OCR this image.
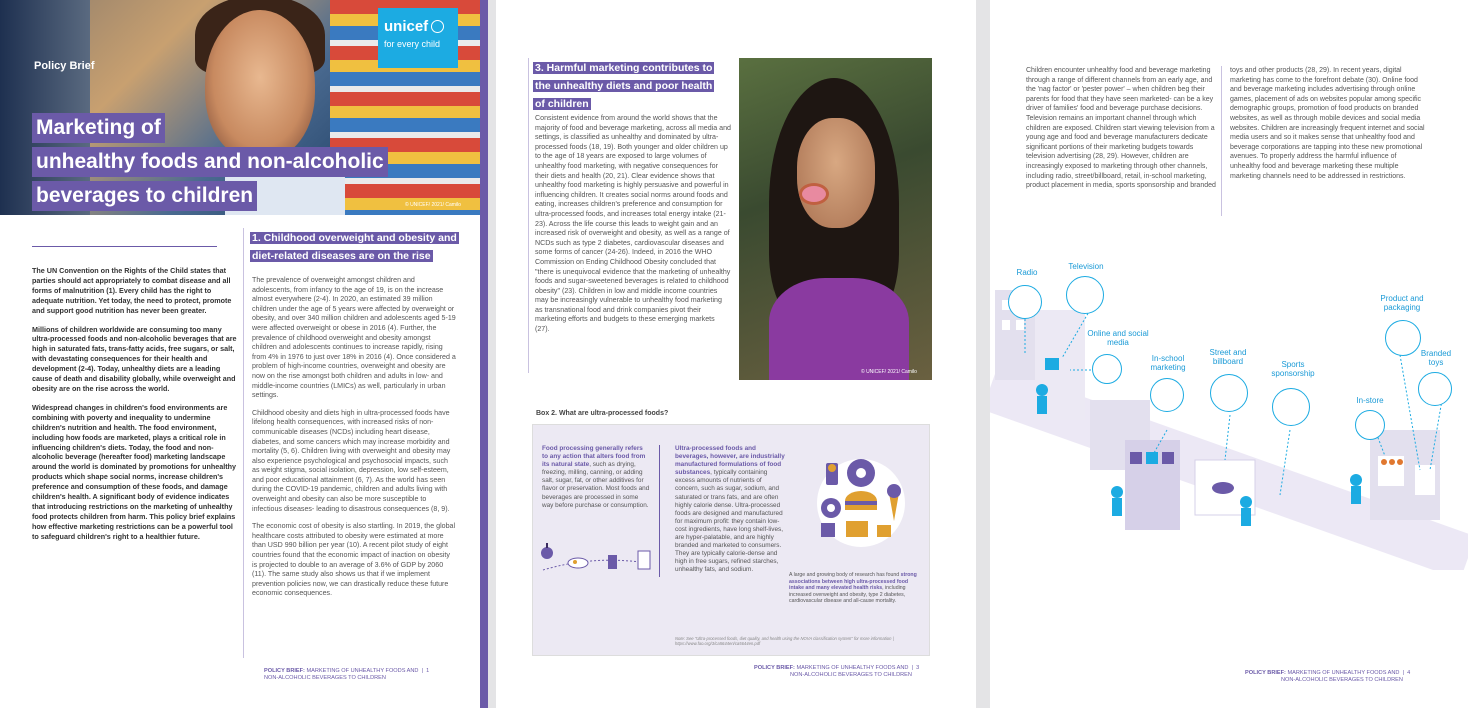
unicef
for every child
Policy Brief
Marketing of
unhealthy foods and non-alcoholic
beverages to children	© UNICEF/ 2021/ Camilo

The UN Convention on the Rights of the Child states that parties should act appropriately to combat disease and all forms of malnutrition (1). Every child has the right to adequate nutrition. Yet today, the need to protect, promote and support good nutrition has never been greater.

Millions of children worldwide are consuming too many ultra-processed foods and non-alcoholic beverages that are high in saturated fats, trans-fatty acids, free sugars, or salt, with devastating consequences for their health and development (2-4). Today, unhealthy diets are a leading cause of death and disability globally, while overweight and obesity are on the rise across the world.

Widespread changes in children's food environments are combining with poverty and inequality to undermine children's nutrition and health. The food environment, including how foods are marketed, plays a critical role in influencing children's diets. Today, the food and non-alcoholic beverage (hereafter food) marketing landscape around the world is dominated by promotions for unhealthy products which shape social norms, increase children's preference and consumption of these foods, and damage children's health. A significant body of evidence indicates that introducing restrictions on the marketing of unhealthy food protects children from harm. This policy brief explains how effective marketing restrictions can be a powerful tool to safeguard children's right to a healthier future.

1. Childhood overweight and obesity and diet-related diseases are on the rise

The prevalence of overweight amongst children and adolescents, from infancy to the age of 19, is on the increase almost everywhere (2-4). In 2020, an estimated 39 million children under the age of 5 years were affected by overweight or obesity, and over 340 million children and adolescents aged 5-19 were affected overweight or obese in 2016 (4). Further, the prevalence of childhood overweight and obesity amongst children and adolescents continues to increase rapidly, rising from 4% in 1976 to just over 18% in 2016 (4). Once considered a problem of high-income countries, overweight and obesity are now on the rise amongst both children and adults in low- and middle-income countries (LMICs) as well, particularly in urban settings.

Childhood obesity and diets high in ultra-processed foods have lifelong health consequences, with increased risks of non-communicable diseases (NCDs) including heart disease, diabetes, and some cancers which may increase morbidity and mortality (5, 6). Children living with overweight and obesity may also experience psychological and psychosocial impacts, such as weight stigma, social isolation, depression, low self-esteem, and poor educational attainment (6, 7). As the world has seen during the COVID-19 pandemic, children and adults living with overweight and obesity can also be more susceptible to infectious diseases- leading to disastrous consequences (8, 9).

The economic cost of obesity is also startling. In 2019, the global healthcare costs attributed to obesity were estimated at more than USD 990 billion per year (10). A recent pilot study of eight countries found that the economic impact of inaction on obesity is projected to double to an average of 3.6% of GDP by 2060 (11). The same study also shows us that if we implement prevention policies now, we can drastically reduce these future economic consequences.

POLICY BRIEF: MARKETING OF UNHEALTHY FOODS AND  |  1
NON-ALCOHOLIC BEVERAGES TO CHILDREN
3. Harmful marketing contributes to the unhealthy diets and poor health of children

Consistent evidence from around the world shows that the majority of food and beverage marketing, across all media and settings, is classified as unhealthy and dominated by ultra-processed foods (18, 19). Both younger and older children up to the age of 18 years are exposed to large volumes of unhealthy food marketing, with negative consequences for their diets and health (20, 21). Clear evidence shows that unhealthy food marketing is highly persuasive and powerful in influencing children. It creates social norms around foods and eating, increases children's preference and consumption for ultra-processed foods, and increases total energy intake (21-23). Across the life course this leads to weight gain and an increased risk of overweight and obesity, as well as a range of NCDs such as type 2 diabetes, cardiovascular diseases and some forms of cancer (24-26). Indeed, in 2016 the WHO Commission on Ending Childhood Obesity concluded that "there is unequivocal evidence that the marketing of unhealthy foods and sugar-sweetened beverages is related to childhood obesity" (23). Children in low and middle income countries may be increasingly vulnerable to unhealthy food marketing as transnational food and drink companies pivot their marketing efforts and budgets to these emerging markets (27).

© UNICEF/ 2021/ Camilo
Box 2. What are ultra-processed foods?
Food processing generally refers to any action that alters food from its natural state, such as drying, freezing, milling, canning, or adding salt, sugar, fat, or other additives for flavor or preservation. Most foods and beverages are processed in some way before purchase or consumption.
Ultra-processed foods and beverages, however, are industrially manufactured formulations of food substances, typically containing excess amounts of nutrients of concern, such as sugar, sodium, and saturated or trans fats, and are often highly calorie dense. Ultra-processed foods are designed and manufactured for maximum profit: they contain low-cost ingredients, have long shelf-lives, are hyper-palatable, and are highly branded and marketed to consumers. They are typically calorie-dense and high in free sugars, refined starches, unhealthy fats, and sodium.
A large and growing body of research has found strong associations between high ultra-processed food intake and many elevated health risks, including increased overweight and obesity, type 2 diabetes, cardiovascular disease and all-cause mortality.
Note: See "Ultra-processed foods, diet quality, and health using the NOVA classification system" for more information | https://www.fao.org/3/ca5644en/ca5644en.pdf
POLICY BRIEF: MARKETING OF UNHEALTHY FOODS AND  |  3
NON-ALCOHOLIC BEVERAGES TO CHILDREN
Children encounter unhealthy food and beverage marketing through a range of different channels from an early age, and the 'nag factor' or 'pester power' – when children beg their parents for food that they have seen marketed- can be a key driver of families' food and beverage purchase decisions. Television remains an important channel through which children are exposed. Children start viewing television from a young age and food and beverage manufacturers dedicate significant portions of their marketing budgets towards television advertising (28, 29). However, children are increasingly exposed to marketing through other channels, including radio, street/billboard, retail, in-school marketing, product placement in media, sports sponsorship and branded
toys and other products (28, 29). In recent years, digital marketing has come to the forefront debate (30). Online food and beverage marketing includes advertising through online games, placement of ads on websites popular among specific demographic groups, promotion of food products on branded websites, as well as through mobile devices and social media websites. Children are increasingly frequent internet and social media users and so it makes sense that unhealthy food and beverage corporations are tapping into these new promotional avenues. To properly address the harmful influence of unhealthy food and beverage marketing these multiple marketing channels need to be addressed in restrictions.
Radio
Television
Online and social media
In-school marketing
Street and billboard	Sports sponsorship
In-store
Product and packaging
Branded toys
POLICY BRIEF: MARKETING OF UNHEALTHY FOODS AND  |  4
NON-ALCOHOLIC BEVERAGES TO CHILDREN
